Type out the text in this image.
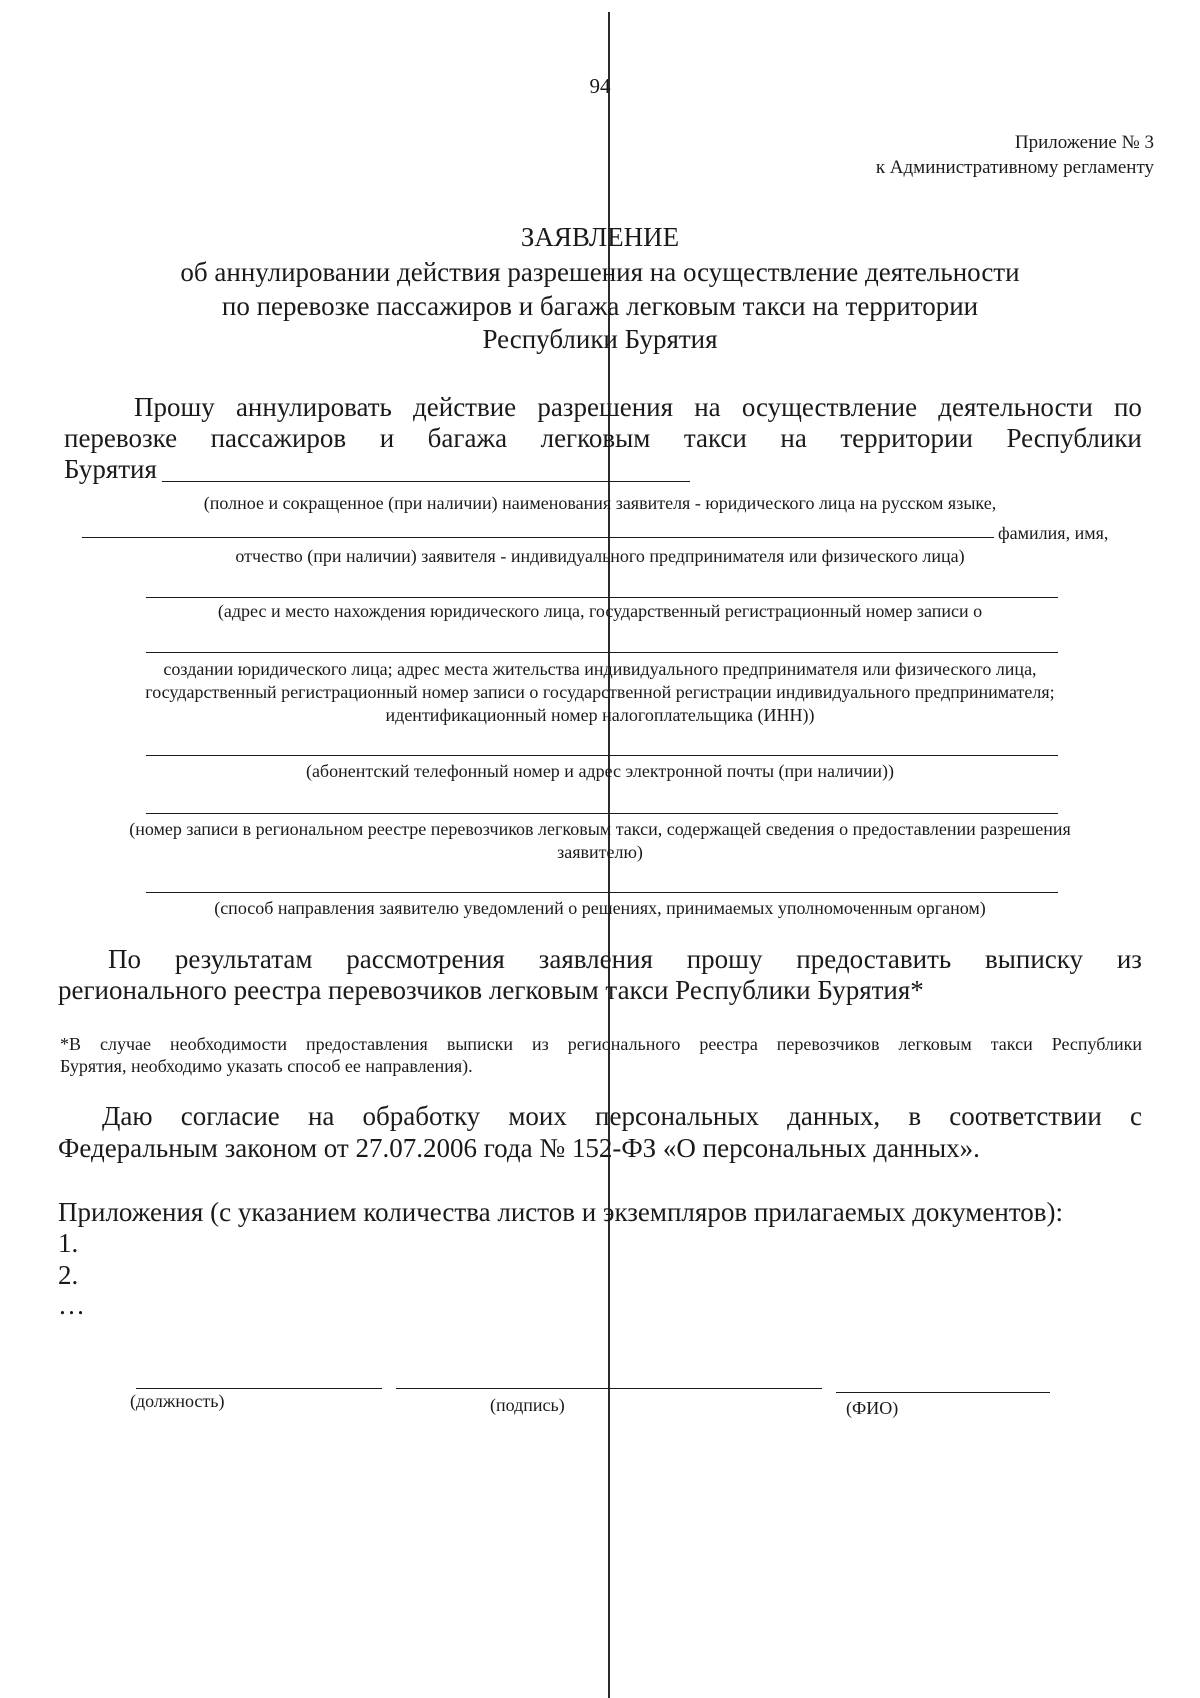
94
Приложение № 3
к Административному регламенту
ЗАЯВЛЕНИЕ
об аннулировании действия разрешения на осуществление деятельности
по перевозке пассажиров и багажа легковым такси на территории
Республики Бурятия
Прошу аннулировать действие разрешения на осуществление деятельности по
перевозке пассажиров и багажа легковым такси на территории Республики
Бурятия
(полное и сокращенное (при наличии) наименования заявителя - юридического лица на русском языке,
фамилия, имя,
отчество (при наличии) заявителя - индивидуального предпринимателя или физического лица)
(адрес и место нахождения юридического лица, государственный регистрационный номер записи о
создании юридического лица; адрес места жительства индивидуального предпринимателя или физического лица,
государственный регистрационный номер записи о государственной регистрации индивидуального предпринимателя;
идентификационный номер налогоплательщика (ИНН))
(абонентский телефонный номер и адрес электронной почты (при наличии))
(номер записи в региональном реестре перевозчиков легковым такси, содержащей сведения о предоставлении разрешения
заявителю)
(способ направления заявителю уведомлений о решениях, принимаемых уполномоченным органом)
По результатам рассмотрения заявления прошу предоставить выписку из
регионального реестра перевозчиков легковым такси Республики Бурятия*
*В случае необходимости предоставления выписки из регионального реестра перевозчиков легковым такси Республики
Бурятия, необходимо указать способ ее направления).
Даю согласие на обработку моих персональных данных, в соответствии с
Федеральным законом от 27.07.2006 года № 152-ФЗ «О персональных данных».
Приложения (с указанием количества листов и экземпляров прилагаемых документов):
1.
2.
…
(должность)	(подпись)	(ФИО)
